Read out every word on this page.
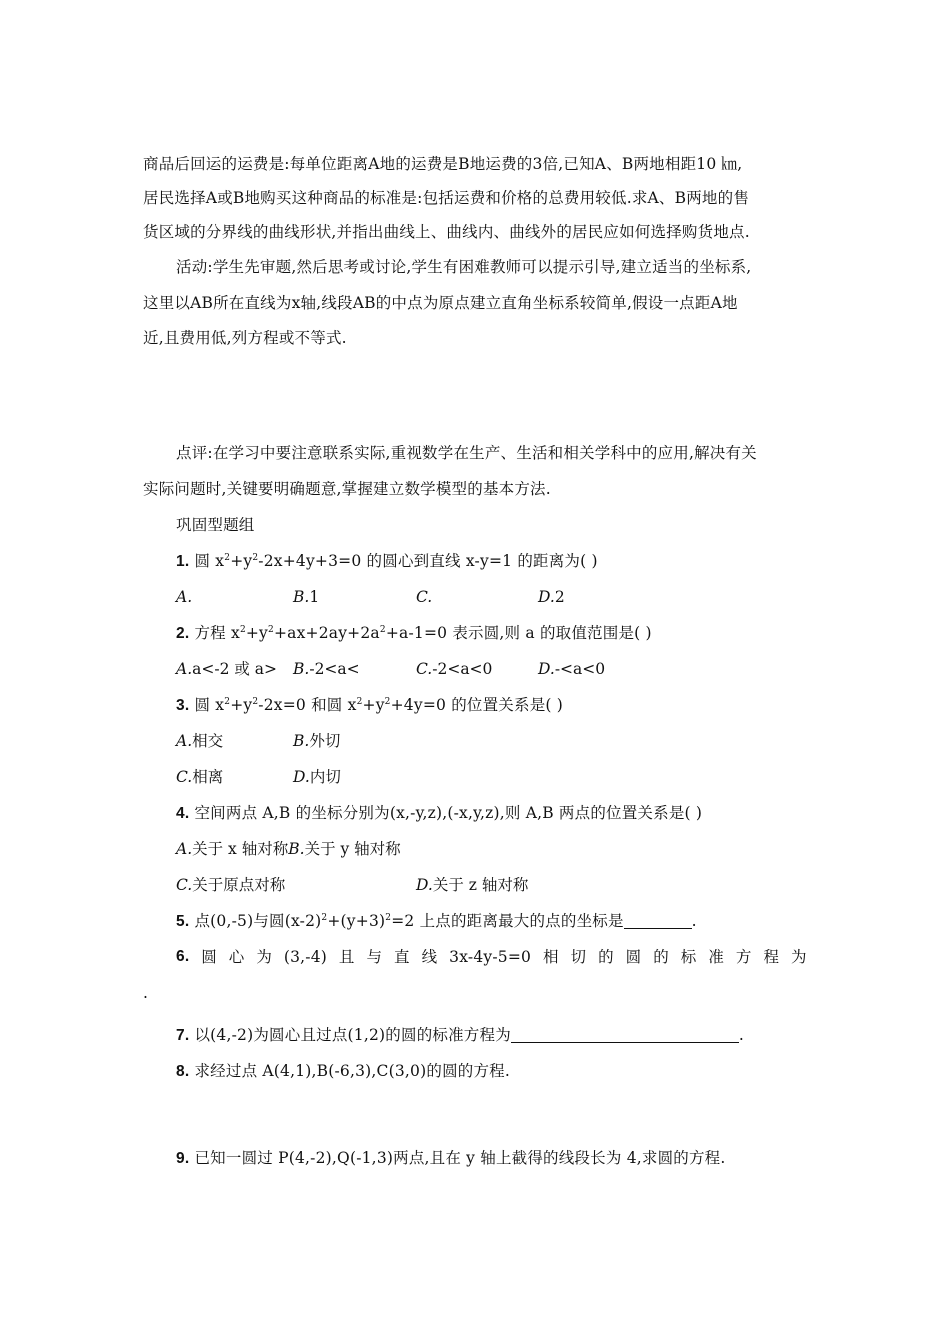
商品后回运的运费是:每单位距离A地的运费是B地运费的3倍,已知A、B两地相距10 ㎞,
居民选择A或B地购买这种商品的标准是:包括运费和价格的总费用较低.求A、B两地的售
货区域的分界线的曲线形状,并指出曲线上、曲线内、曲线外的居民应如何选择购货地点.
活动:学生先审题,然后思考或讨论,学生有困难教师可以提示引导,建立适当的坐标系,
这里以AB所在直线为x轴,线段AB的中点为原点建立直角坐标系较简单,假设一点距A地
近,且费用低,列方程或不等式.
点评:在学习中要注意联系实际,重视数学在生产、生活和相关学科中的应用,解决有关
实际问题时,关键要明确题意,掌握建立数学模型的基本方法.
巩固型题组
1. 圆 $x^2+y^2-2x+4y+3=0$ 的圆心到直线 x-y=1 的距离为( )
A.	B.1	C.	D.2
2. 方程 $x^2+y^2+ax+2ay+2a^2+a-1=0$ 表示圆,则 a 的取值范围是( )
A.a<-2 或 a> B.-2<a<	C.-2<a<0	D.-<a<0
3. 圆 $x^2+y^2-2x=0$ 和圆 $x^2+y^2+4y=0$ 的位置关系是( )
A.相交	B.外切
C.相离	D.内切
4. 空间两点 A,B 的坐标分别为(x,-y,z),(-x,y,z),则 A,B 两点的位置关系是( )
A.关于 x 轴对称B.关于 y 轴对称
C.关于原点对称	D.关于 z 轴对称
5. 点(0,-5)与圆$(x-2)^2+(y+3)^2=2$ 上点的距离最大的点的坐标是	.
6. 圆 心 为 (3,-4) 且 与 直 线 3x-4y-5=0 相 切 的 圆 的 标 准 方 程 为
.
7. 以(4,-2)为圆心且过点(1,2)的圆的标准方程为	.
8. 求经过点 A(4,1),B(-6,3),C(3,0)的圆的方程.
9. 已知一圆过 P(4,-2),Q(-1,3)两点,且在 y 轴上截得的线段长为 4,求圆的方程.
